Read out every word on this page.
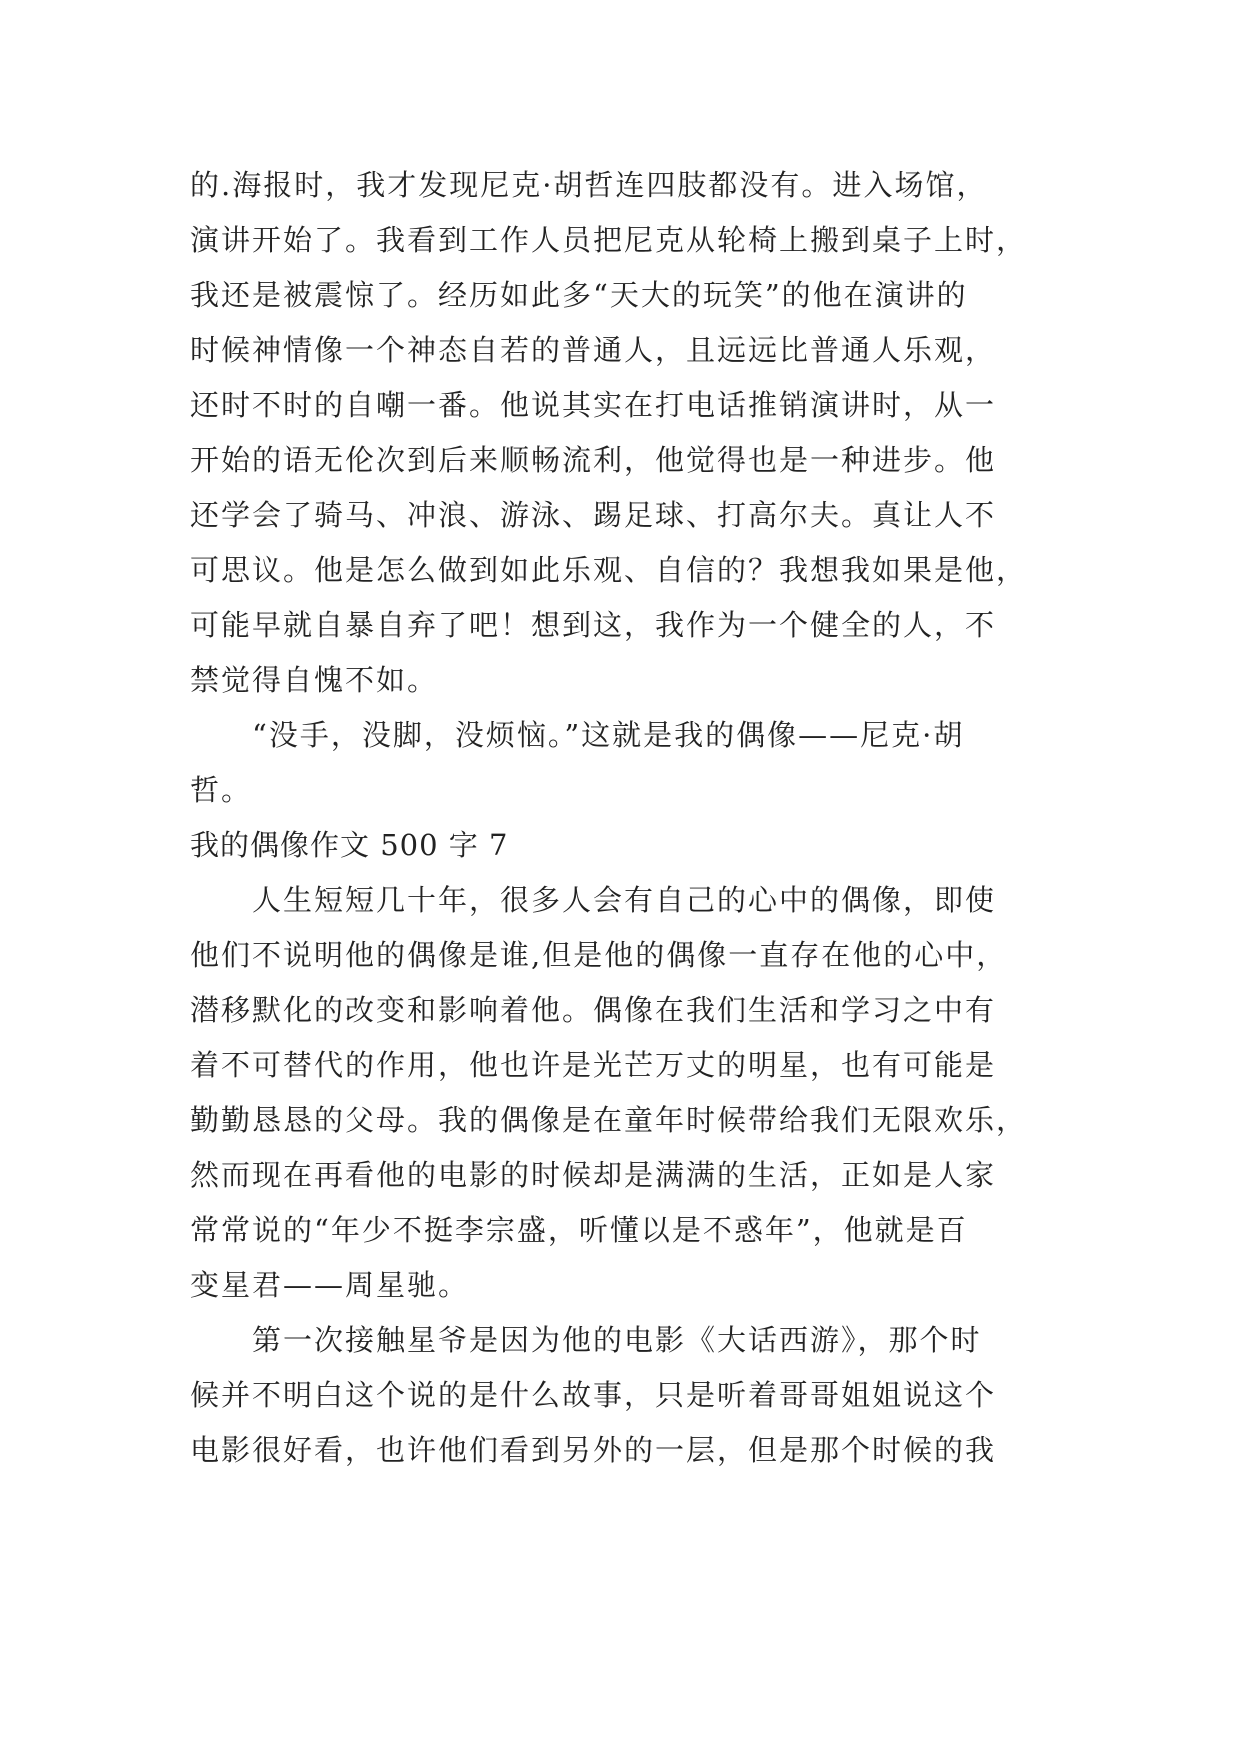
的.海报时，我才发现尼克·胡哲连四肢都没有。进入场馆，
演讲开始了。我看到工作人员把尼克从轮椅上搬到桌子上时，
我还是被震惊了。经历如此多“天大的玩笑”的他在演讲的
时候神情像一个神态自若的普通人，且远远比普通人乐观，
还时不时的自嘲一番。他说其实在打电话推销演讲时，从一
开始的语无伦次到后来顺畅流利，他觉得也是一种进步。他
还学会了骑马、冲浪、游泳、踢足球、打高尔夫。真让人不
可思议。他是怎么做到如此乐观、自信的？我想我如果是他，
可能早就自暴自弃了吧！想到这，我作为一个健全的人，不
禁觉得自愧不如。
　　“没手，没脚，没烦恼。”这就是我的偶像——尼克·胡
哲。
我的偶像作文 500 字 7
　　人生短短几十年，很多人会有自己的心中的偶像，即使
他们不说明他的偶像是谁,但是他的偶像一直存在他的心中，
潜移默化的改变和影响着他。偶像在我们生活和学习之中有
着不可替代的作用，他也许是光芒万丈的明星，也有可能是
勤勤恳恳的父母。我的偶像是在童年时候带给我们无限欢乐，
然而现在再看他的电影的时候却是满满的生活，正如是人家
常常说的“年少不挺李宗盛，听懂以是不惑年”，他就是百
变星君——周星驰。
　　第一次接触星爷是因为他的电影《大话西游》，那个时
候并不明白这个说的是什么故事，只是听着哥哥姐姐说这个
电影很好看，也许他们看到另外的一层，但是那个时候的我
